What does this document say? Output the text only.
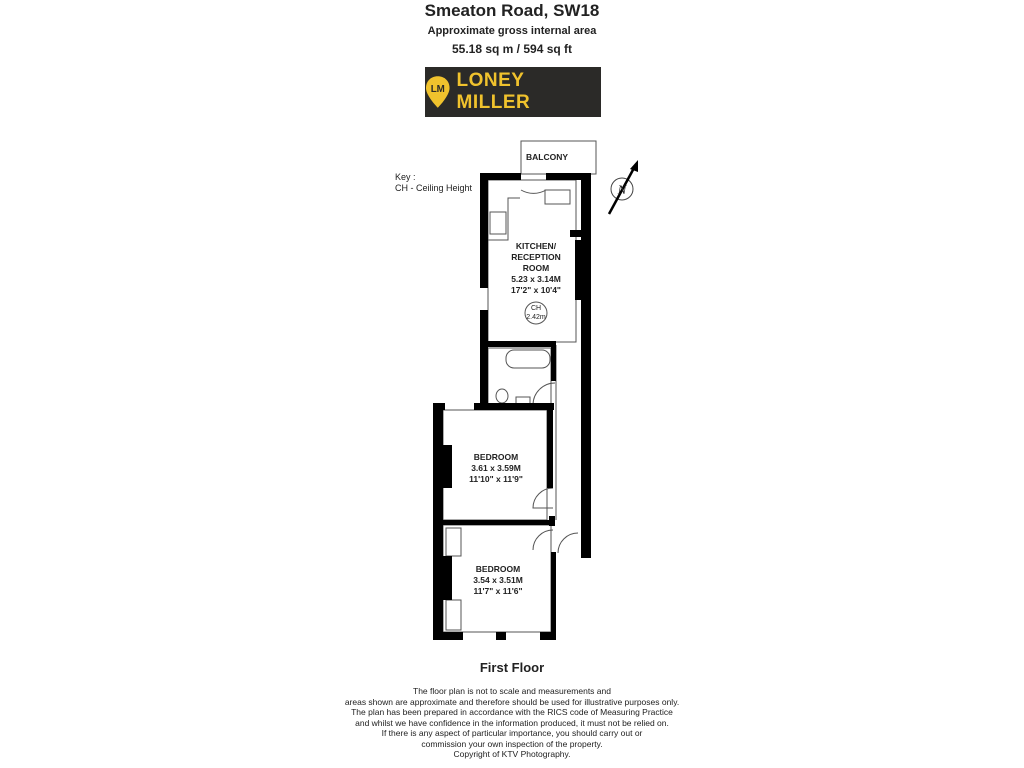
Smeaton Road, SW18
Approximate gross internal area
55.18 sq m / 594 sq ft
LM LONEY MILLER
Key :
CH - Ceiling Height	N
BALCONY
KITCHEN/
RECEPTION
ROOM
5.23 x 3.14M
17'2" x 10'4"
CH
2.42m
BEDROOM
3.61 x 3.59M
11'10" x 11'9"
BEDROOM
3.54 x 3.51M
11'7" x 11'6"
First Floor
The floor plan is not to scale and measurements and
areas shown are approximate and therefore should be used for illustrative purposes only.
The plan has been prepared in accordance with the RICS code of Measuring Practice
and whilst we have confidence in the information produced, it must not be relied on.
If there is any aspect of particular importance, you should carry out or
commission your own inspection of the property.
Copyright of KTV Photography.
